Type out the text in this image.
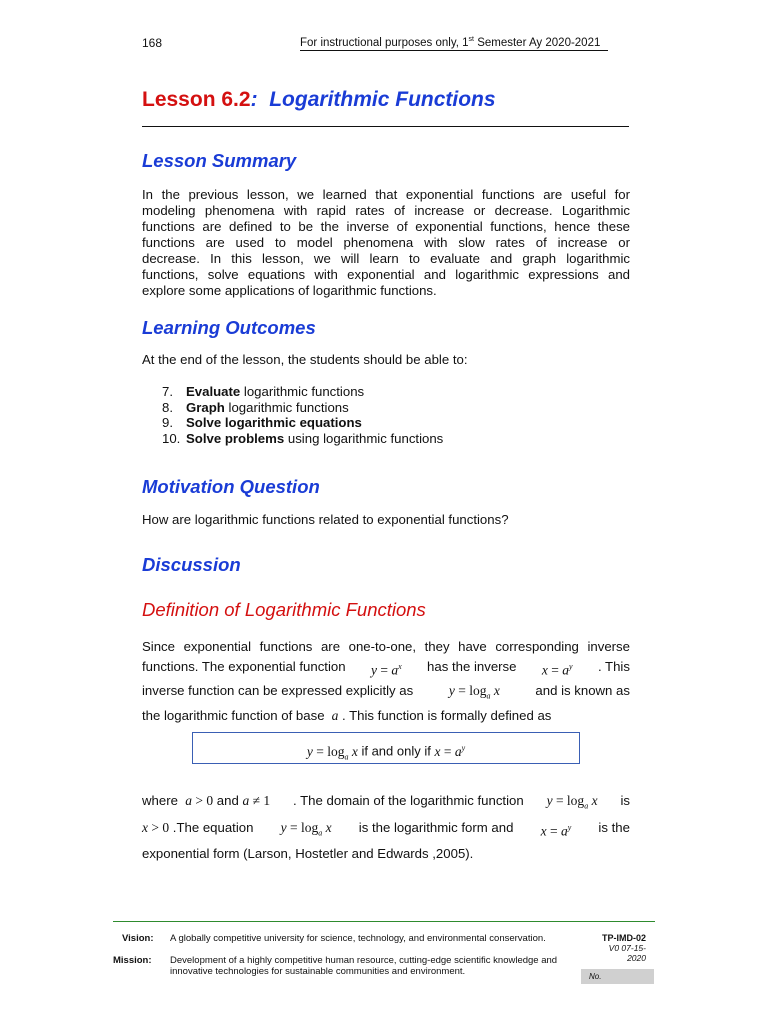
168	For instructional purposes only, 1st Semester Ay 2020-2021
Lesson 6.2: Logarithmic Functions
Lesson Summary
In the previous lesson, we learned that exponential functions are useful for
modeling phenomena with rapid rates of increase or decrease. Logarithmic
functions are defined to be the inverse of exponential functions, hence these
functions are used to model phenomena with slow rates of increase or
decrease. In this lesson, we will learn to evaluate and graph logarithmic
functions, solve equations with exponential and logarithmic expressions and
explore some applications of logarithmic functions.
Learning Outcomes
At the end of the lesson, the students should be able to:
7. Evaluate logarithmic functions
8. Graph logarithmic functions
9. Solve logarithmic equations
10. Solve problems using logarithmic functions
Motivation Question
How are logarithmic functions related to exponential functions?
Discussion
Definition of Logarithmic Functions
Since exponential functions are one-to-one, they have corresponding inverse
functions. The exponential function $y = a^x$ has the inverse $x = a^y$ . This
inverse function can be expressed explicitly as	$y = \log_a x$	and is known as
the logarithmic function of base  a . This function is formally defined as
$y = \log_a x$ if and only if $x = a^y$
where a > 0 and a ≠ 1 . The domain of the logarithmic function $y = \log_a x$ is
x > 0 .The equation $y = \log_a x$ is the logarithmic form and $x = a^y$ is the
exponential form (Larson, Hostetler and Edwards ,2005).
Vision: A globally competitive university for science, technology, and environmental conservation.
Mission: Development of a highly competitive human resource, cutting-edge scientific knowledge and innovative technologies for sustainable communities and environment.
TP-IMD-02
V0 07-15-
2020
No.
